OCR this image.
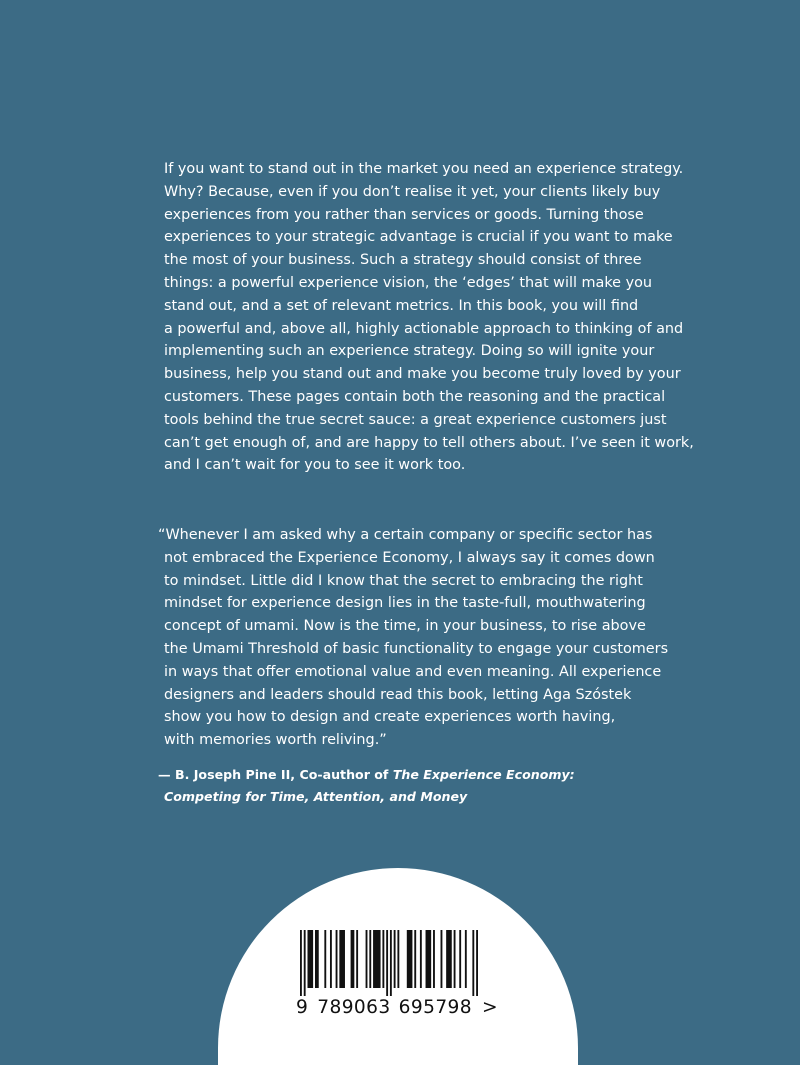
If you want to stand out in the market you need an experience strategy.
Why? Because, even if you don’t realise it yet, your clients likely buy
experiences from you rather than services or goods. Turning those
experiences to your strategic advantage is crucial if you want to make
the most of your business. Such a strategy should consist of three
things: a powerful experience vision, the ‘edges’ that will make you
stand out, and a set of relevant metrics. In this book, you will find
a powerful and, above all, highly actionable approach to thinking of and
implementing such an experience strategy. Doing so will ignite your
business, help you stand out and make you become truly loved by your
customers. These pages contain both the reasoning and the practical
tools behind the true secret sauce: a great experience customers just
can’t get enough of, and are happy to tell others about. I’ve seen it work,
and I can’t wait for you to see it work too.
“Whenever I am asked why a certain company or specific sector has
not embraced the Experience Economy, I always say it comes down
to mindset. Little did I know that the secret to embracing the right
mindset for experience design lies in the taste-full, mouthwatering
concept of umami. Now is the time, in your business, to rise above
the Umami Threshold of basic functionality to engage your customers
in ways that offer emotional value and even meaning. All experience
designers and leaders should read this book, letting Aga Szóstek
show you how to design and create experiences worth having,
with memories worth reliving.”
— B. Joseph Pine II, Co-author of The Experience Economy:
Competing for Time, Attention, and Money
9 789063 695798 >
